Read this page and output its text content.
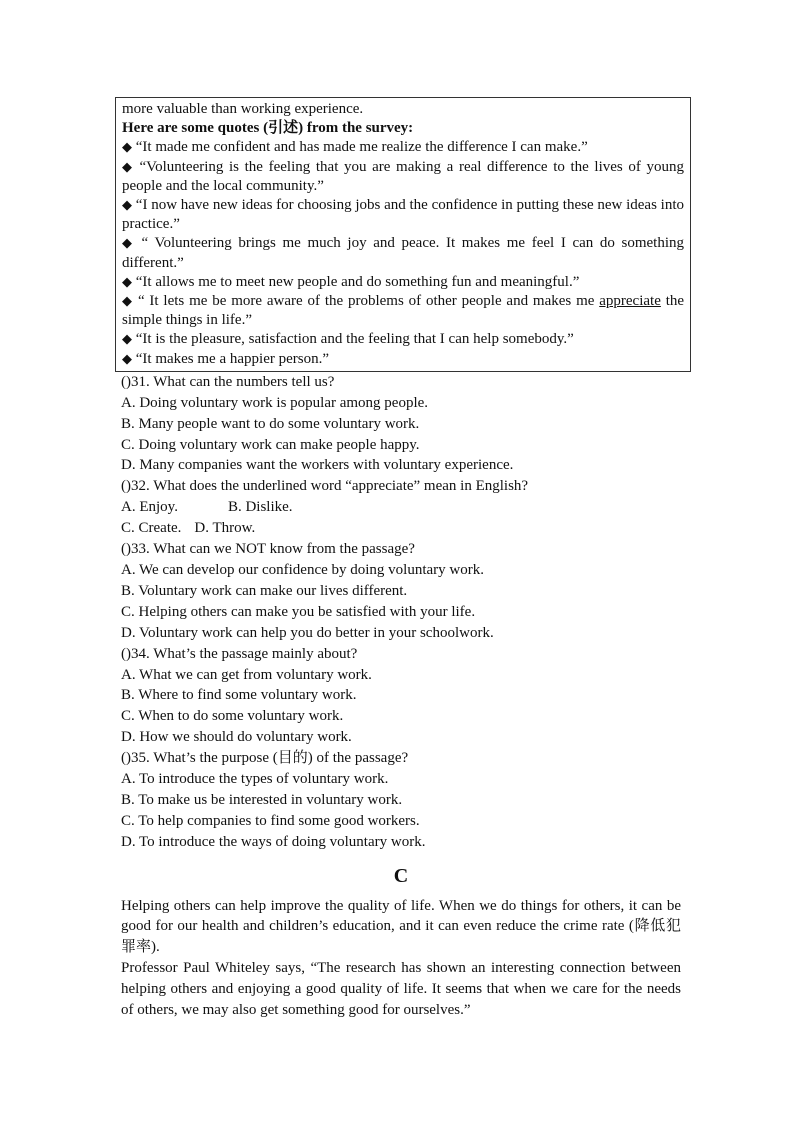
more valuable than working experience.
Here are some quotes (引述) from the survey:
◆ “It made me confident and has made me realize the difference I can make.”
◆ “Volunteering is the feeling that you are making a real difference to the lives of young people and the local community.”
◆ “I now have new ideas for choosing jobs and the confidence in putting these new ideas into practice.”
◆ “ Volunteering brings me much joy and peace. It makes me feel I can do something different.”
◆ “It allows me to meet new people and do something fun and meaningful.”
◆ “ It lets me be more aware of the problems of other people and makes me appreciate the simple things in life.”
◆ “It is the pleasure, satisfaction and the feeling that I can help somebody.”
◆ “It makes me a happier person.”
()31. What can the numbers tell us?
A. Doing voluntary work is popular among people.
B. Many people want to do some voluntary work.
C. Doing voluntary work can make people happy.
D. Many companies want the workers with voluntary experience.
()32. What does the underlined word “appreciate” mean in English?
A. Enjoy.	B. Dislike.
C. Create. D. Throw.
()33. What can we NOT know from the passage?
A. We can develop our confidence by doing voluntary work.
B. Voluntary work can make our lives different.
C. Helping others can make you be satisfied with your life.
D. Voluntary work can help you do better in your schoolwork.
()34. What’s the passage mainly about?
A. What we can get from voluntary work.
B. Where to find some voluntary work.
C. When to do some voluntary work.
D. How we should do voluntary work.
()35. What’s the purpose (目的) of the passage?
A. To introduce the types of voluntary work.
B. To make us be interested in voluntary work.
C. To help companies to find some good workers.
D. To introduce the ways of doing voluntary work.
C
Helping others can help improve the quality of life. When we do things for others, it can be good for our health and children’s education, and it can even reduce the crime rate (降低犯罪率).
Professor Paul Whiteley says, “The research has shown an interesting connection between helping others and enjoying a good quality of life. It seems that when we care for the needs of others, we may also get something good for ourselves.”
